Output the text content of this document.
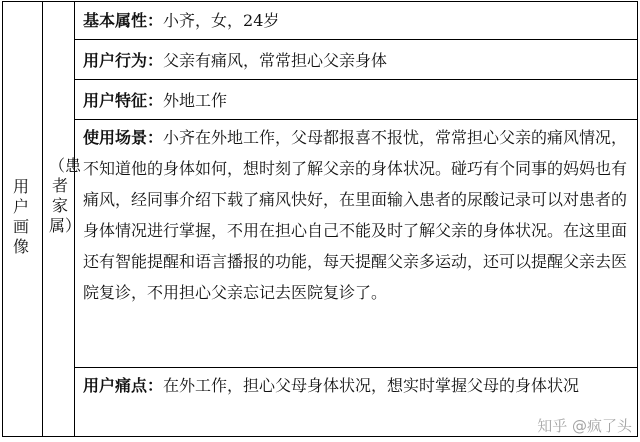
用户画像
（患者家属）
基本属性：小齐，女，24岁
用户行为：父亲有痛风，常常担心父亲身体
用户特征：外地工作
使用场景：小齐在外地工作，父母都报喜不报忧，常常担心父亲的痛风情况，不知道他的身体如何，想时刻了解父亲的身体状况。碰巧有个同事的妈妈也有痛风，经同事介绍下载了痛风快好，在里面输入患者的尿酸记录可以对患者的身体情况进行掌握，不用在担心自己不能及时了解父亲的身体状况。在这里面还有智能提醒和语言播报的功能，每天提醒父亲多运动，还可以提醒父亲去医院复诊，不用担心父亲忘记去医院复诊了。
用户痛点：在外工作，担心父母身体状况，想实时掌握父母的身体状况
知乎 @疯了头
